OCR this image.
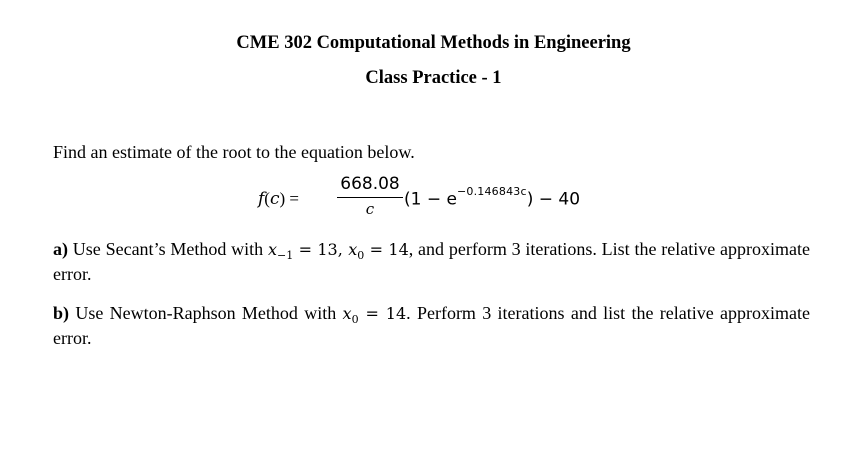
CME 302 Computational Methods in Engineering
Class Practice - 1
Find an estimate of the root to the equation below.
f(c) =
668.08
c	$(1 - e^{-0.146843c}) - 40$
a) Use Secant’s Method with $x_{-1} = 13$, $x_0 = 14$, and perform 3 iterations. List the relative approximate error.
b) Use Newton-Raphson Method with $x_0 = 14$. Perform 3 iterations and list the relative approximate error.
